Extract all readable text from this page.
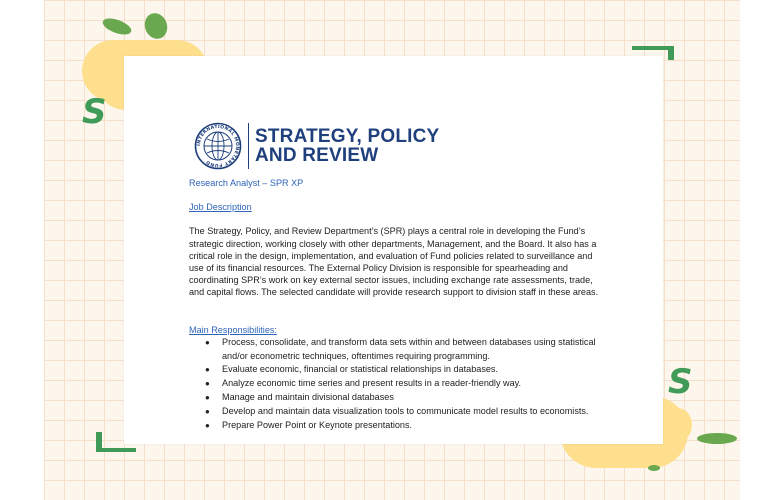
S
S
INTERNATIONAL MONETARY FUND
STRATEGY, POLICY
AND REVIEW
Research Analyst – SPR XP
Job Description

The Strategy, Policy, and Review Department’s (SPR) plays a central role in developing the Fund’s strategic direction, working closely with other departments, Management, and the Board. It also has a critical role in the design, implementation, and evaluation of Fund policies related to surveillance and use of its financial resources. The External Policy Division is responsible for spearheading and coordinating SPR’s work on key external sector issues, including exchange rate assessments, trade, and capital flows. The selected candidate will provide research support to division staff in these areas.

Main Responsibilities:
● Process, consolidate, and transform data sets within and between databases using statistical and/or econometric techniques, oftentimes requiring programming.
● Evaluate economic, financial or statistical relationships in databases.
● Analyze economic time series and present results in a reader-friendly way.
● Manage and maintain divisional databases
● Develop and maintain data visualization tools to communicate model results to economists.
● Prepare Power Point or Keynote presentations.
